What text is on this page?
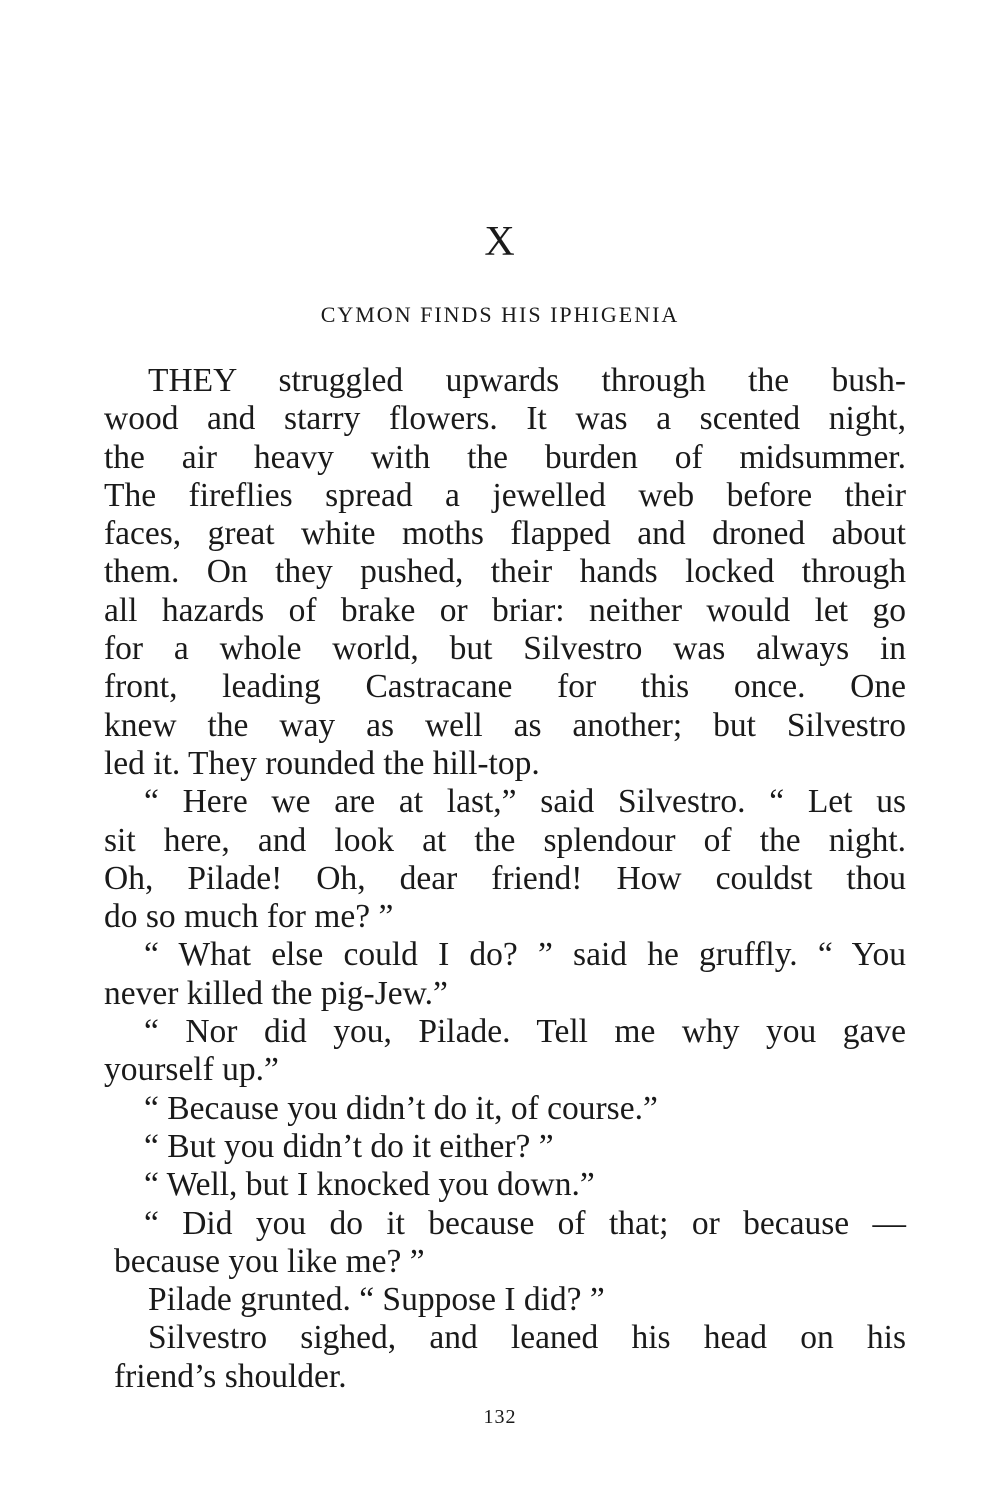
X
CYMON FINDS HIS IPHIGENIA
THEY struggled upwards through the bush-
wood and starry flowers. It was a scented night,
the air heavy with the burden of midsummer.
The fireflies spread a jewelled web before their
faces, great white moths flapped and droned about
them. On they pushed, their hands locked through
all hazards of brake or briar: neither would let go
for a whole world, but Silvestro was always in
front, leading Castracane for this once. One
knew the way as well as another; but Silvestro
led it. They rounded the hill-top.
“ Here we are at last,” said Silvestro. “ Let us
sit here, and look at the splendour of the night.
Oh, Pilade! Oh, dear friend! How couldst thou
do so much for me? ”
“ What else could I do? ” said he gruffly. “ You
never killed the pig-Jew.”
“ Nor did you, Pilade. Tell me why you gave
yourself up.”
“ Because you didn’t do it, of course.”
“ But you didn’t do it either? ”
“ Well, but I knocked you down.”
“ Did you do it because of that; or because —
because you like me? ”
Pilade grunted. “ Suppose I did? ”
Silvestro sighed, and leaned his head on his
friend’s shoulder.
132
